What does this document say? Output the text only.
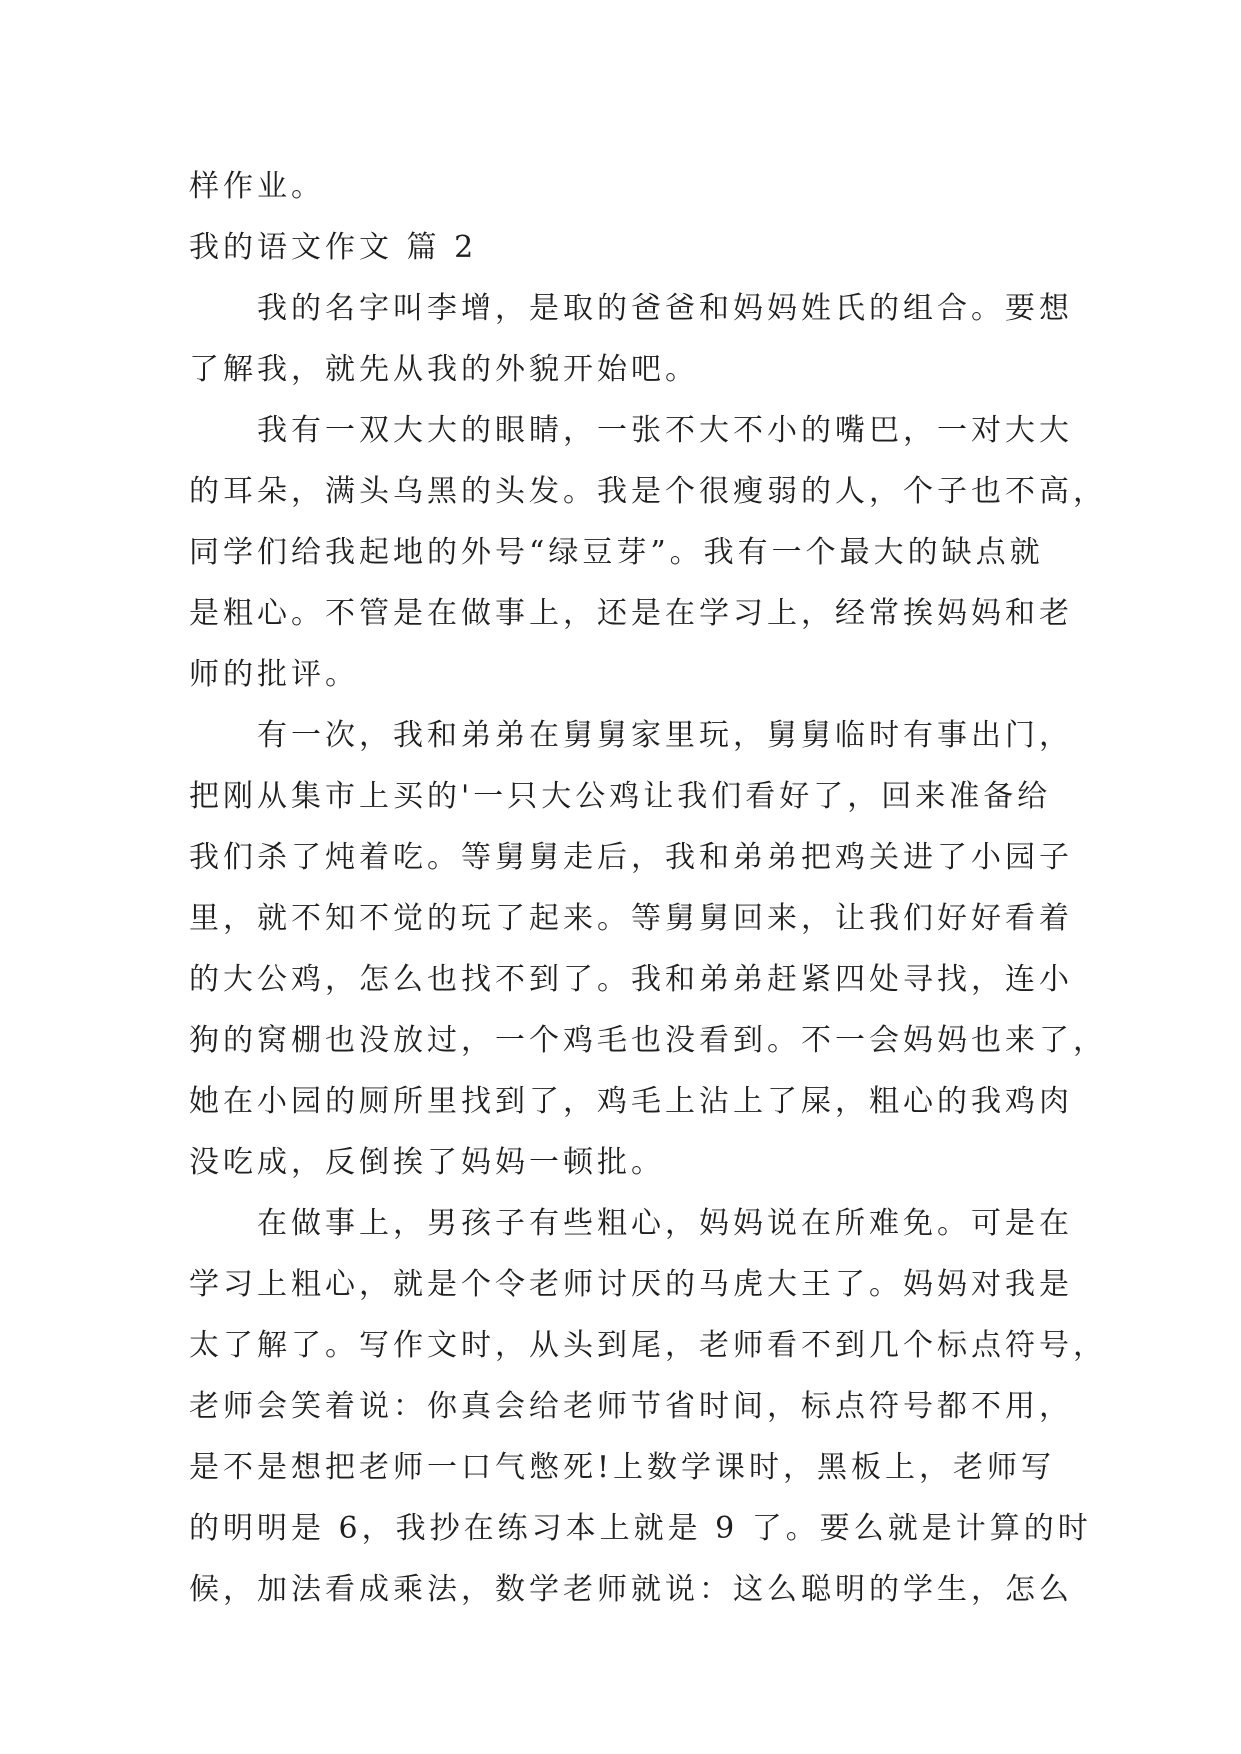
样作业。

我的语文作文 篇 2

我的名字叫李增，是取的爸爸和妈妈姓氏的组合。要想

了解我，就先从我的外貌开始吧。

我有一双大大的眼睛，一张不大不小的嘴巴，一对大大

的耳朵，满头乌黑的头发。我是个很瘦弱的人，个子也不高，

同学们给我起地的外号“绿豆芽”。我有一个最大的缺点就

是粗心。不管是在做事上，还是在学习上，经常挨妈妈和老

师的批评。

有一次，我和弟弟在舅舅家里玩，舅舅临时有事出门，

把刚从集市上买的'一只大公鸡让我们看好了，回来准备给

我们杀了炖着吃。等舅舅走后，我和弟弟把鸡关进了小园子

里，就不知不觉的玩了起来。等舅舅回来，让我们好好看着

的大公鸡，怎么也找不到了。我和弟弟赶紧四处寻找，连小

狗的窝棚也没放过，一个鸡毛也没看到。不一会妈妈也来了，

她在小园的厕所里找到了，鸡毛上沾上了屎，粗心的我鸡肉

没吃成，反倒挨了妈妈一顿批。

在做事上，男孩子有些粗心，妈妈说在所难免。可是在

学习上粗心，就是个令老师讨厌的马虎大王了。妈妈对我是

太了解了。写作文时，从头到尾，老师看不到几个标点符号，

老师会笑着说：你真会给老师节省时间，标点符号都不用，

是不是想把老师一口气憋死!上数学课时，黑板上，老师写

的明明是 6，我抄在练习本上就是 9 了。要么就是计算的时

候，加法看成乘法，数学老师就说：这么聪明的学生，怎么
